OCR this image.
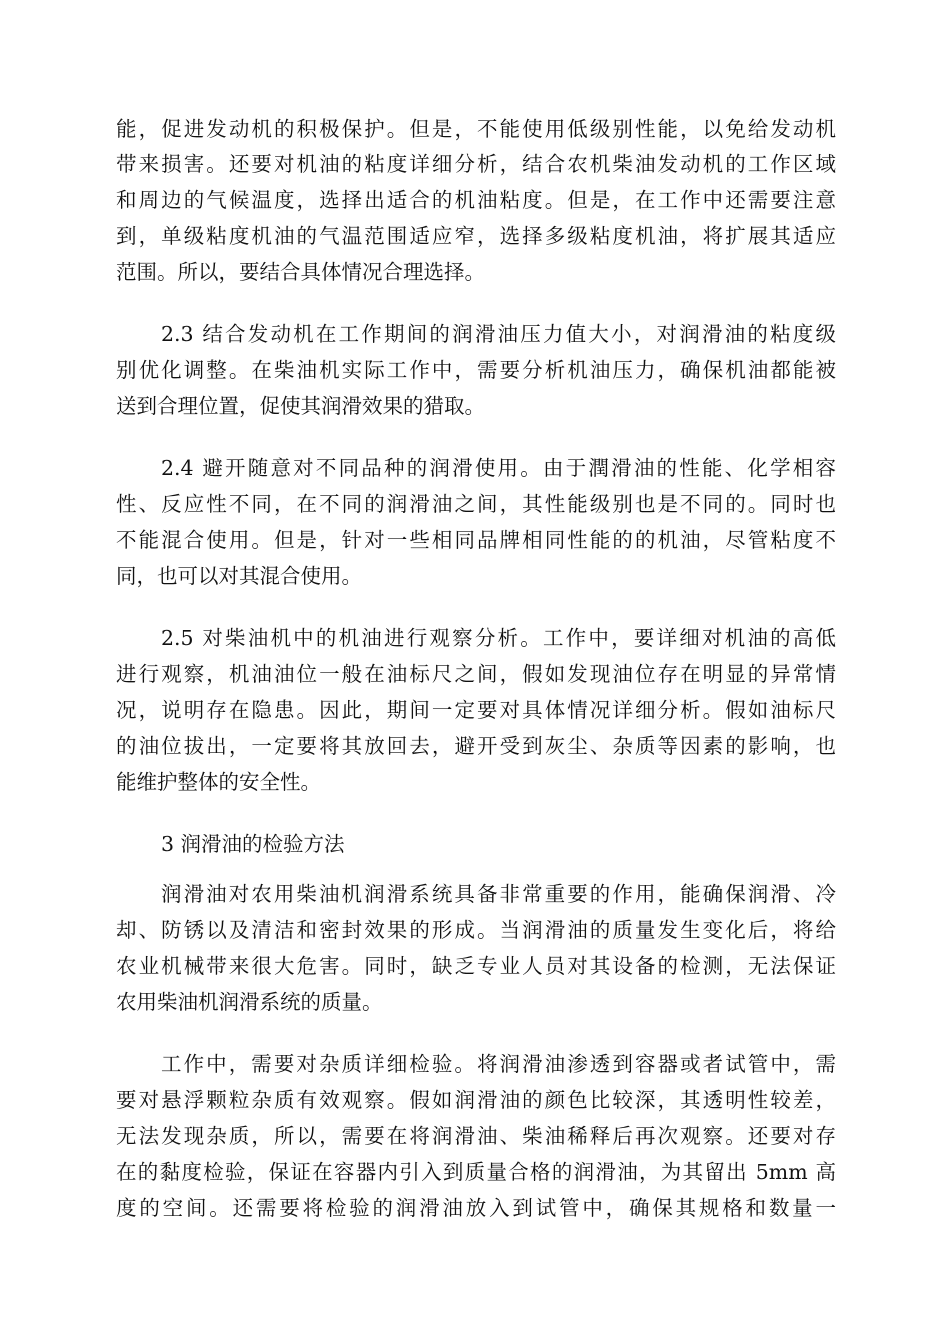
能，促进发动机的积极保护。但是，不能使用低级别性能，以免给发动机
带来损害。还要对机油的粘度详细分析，结合农机柴油发动机的工作区域
和周边的气候温度，选择出适合的机油粘度。但是，在工作中还需要注意
到，单级粘度机油的气温范围适应窄，选择多级粘度机油，将扩展其适应
范围。所以，要结合具体情况合理选择。
2.3 结合发动机在工作期间的润滑油压力值大小，对润滑油的粘度级
别优化调整。在柴油机实际工作中，需要分析机油压力，确保机油都能被
送到合理位置，促使其润滑效果的猎取。
2.4 避开随意对不同品种的润滑使用。由于潤滑油的性能、化学相容
性、反应性不同，在不同的润滑油之间，其性能级别也是不同的。同时也
不能混合使用。但是，针对一些相同品牌相同性能的的机油，尽管粘度不
同，也可以对其混合使用。
2.5 对柴油机中的机油进行观察分析。工作中，要详细对机油的高低
进行观察，机油油位一般在油标尺之间，假如发现油位存在明显的异常情
况，说明存在隐患。因此，期间一定要对具体情况详细分析。假如油标尺
的油位拔出，一定要将其放回去，避开受到灰尘、杂质等因素的影响，也
能维护整体的安全性。
3 润滑油的检验方法
润滑油对农用柴油机润滑系统具备非常重要的作用，能确保润滑、冷
却、防锈以及清洁和密封效果的形成。当润滑油的质量发生变化后，将给
农业机械带来很大危害。同时，缺乏专业人员对其设备的检测，无法保证
农用柴油机润滑系统的质量。
工作中，需要对杂质详细检验。将润滑油渗透到容器或者试管中，需
要对悬浮颗粒杂质有效观察。假如润滑油的颜色比较深，其透明性较差，
无法发现杂质，所以，需要在将润滑油、柴油稀释后再次观察。还要对存
在的黏度检验，保证在容器内引入到质量合格的润滑油，为其留出 5mm 高
度的空间。还需要将检验的润滑油放入到试管中，确保其规格和数量一
